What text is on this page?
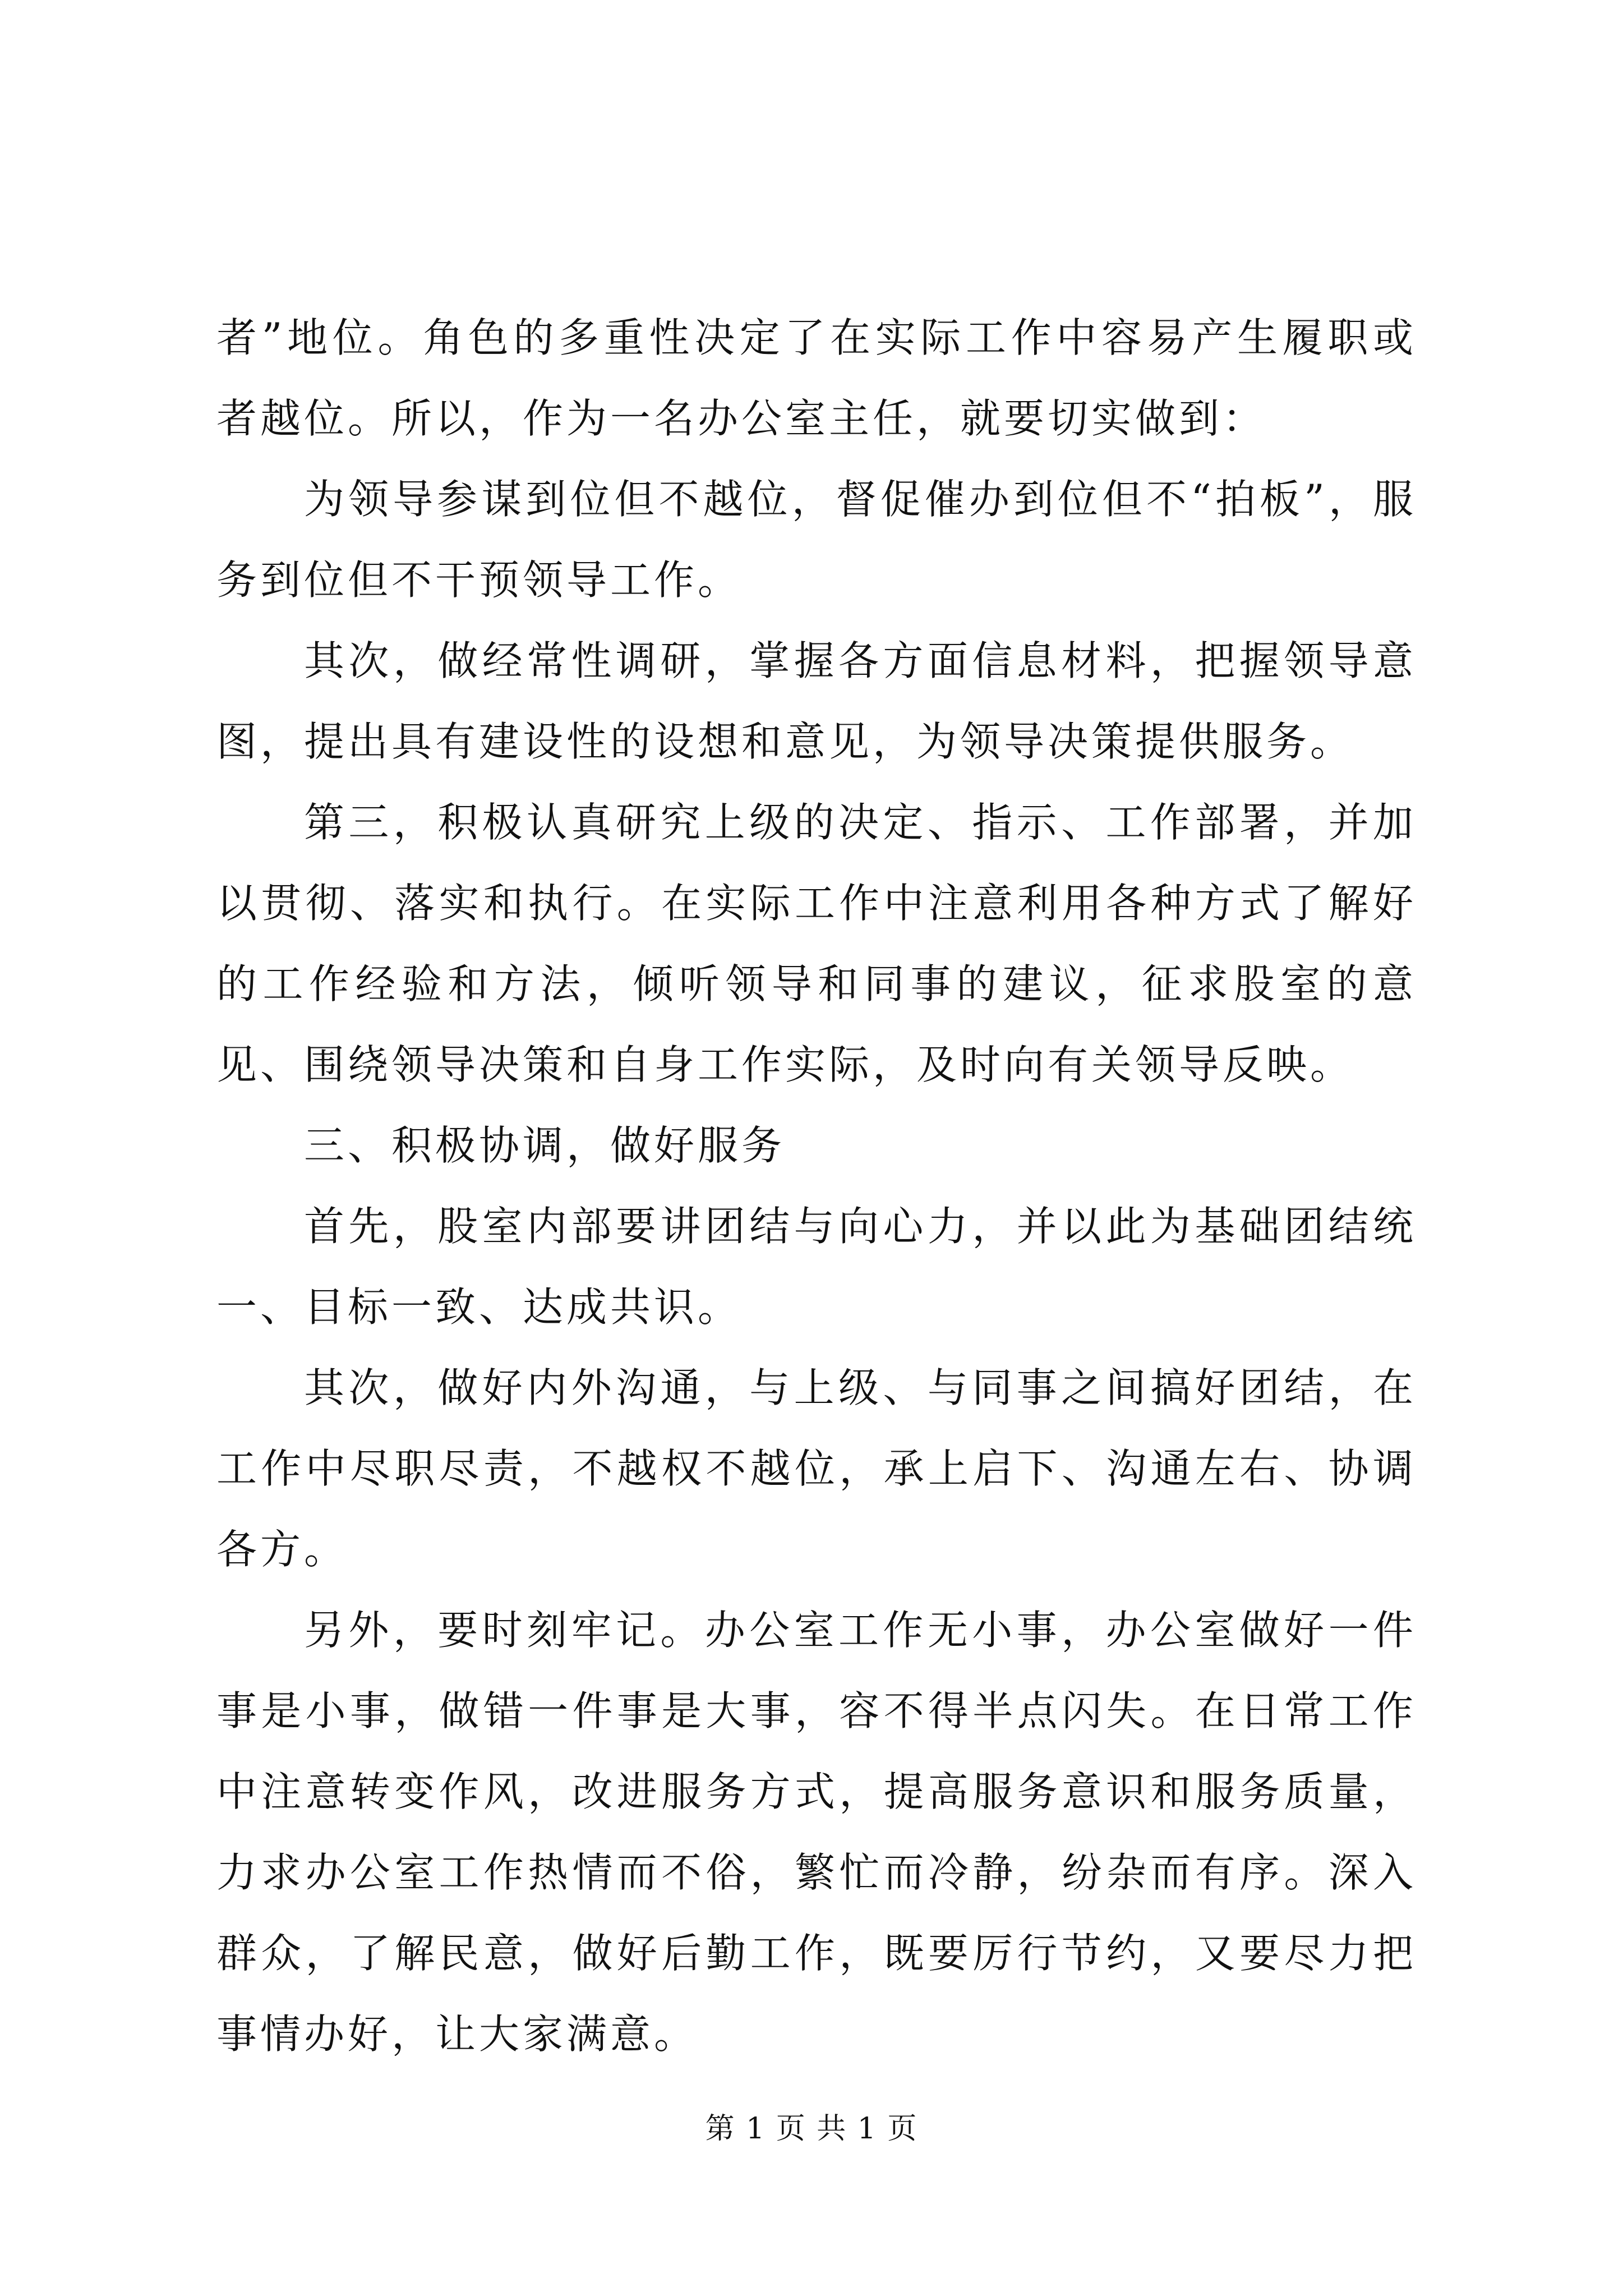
者”地位。角色的多重性决定了在实际工作中容易产生履职或者越位。所以，作为一名办公室主任，就要切实做到：

为领导参谋到位但不越位，督促催办到位但不“拍板”，服务到位但不干预领导工作。

其次，做经常性调研，掌握各方面信息材料，把握领导意图，提出具有建设性的设想和意见，为领导决策提供服务。

第三，积极认真研究上级的决定、指示、工作部署，并加以贯彻、落实和执行。在实际工作中注意利用各种方式了解好的工作经验和方法，倾听领导和同事的建议，征求股室的意见、围绕领导决策和自身工作实际，及时向有关领导反映。

三、积极协调，做好服务

首先，股室内部要讲团结与向心力，并以此为基础团结统一、目标一致、达成共识。

其次，做好内外沟通，与上级、与同事之间搞好团结，在工作中尽职尽责，不越权不越位，承上启下、沟通左右、协调各方。

另外，要时刻牢记。办公室工作无小事，办公室做好一件事是小事，做错一件事是大事，容不得半点闪失。在日常工作中注意转变作风，改进服务方式，提高服务意识和服务质量，力求办公室工作热情而不俗，繁忙而冷静，纷杂而有序。深入群众，了解民意，做好后勤工作，既要厉行节约，又要尽力把事情办好，让大家满意。

第 1 页 共 1 页
